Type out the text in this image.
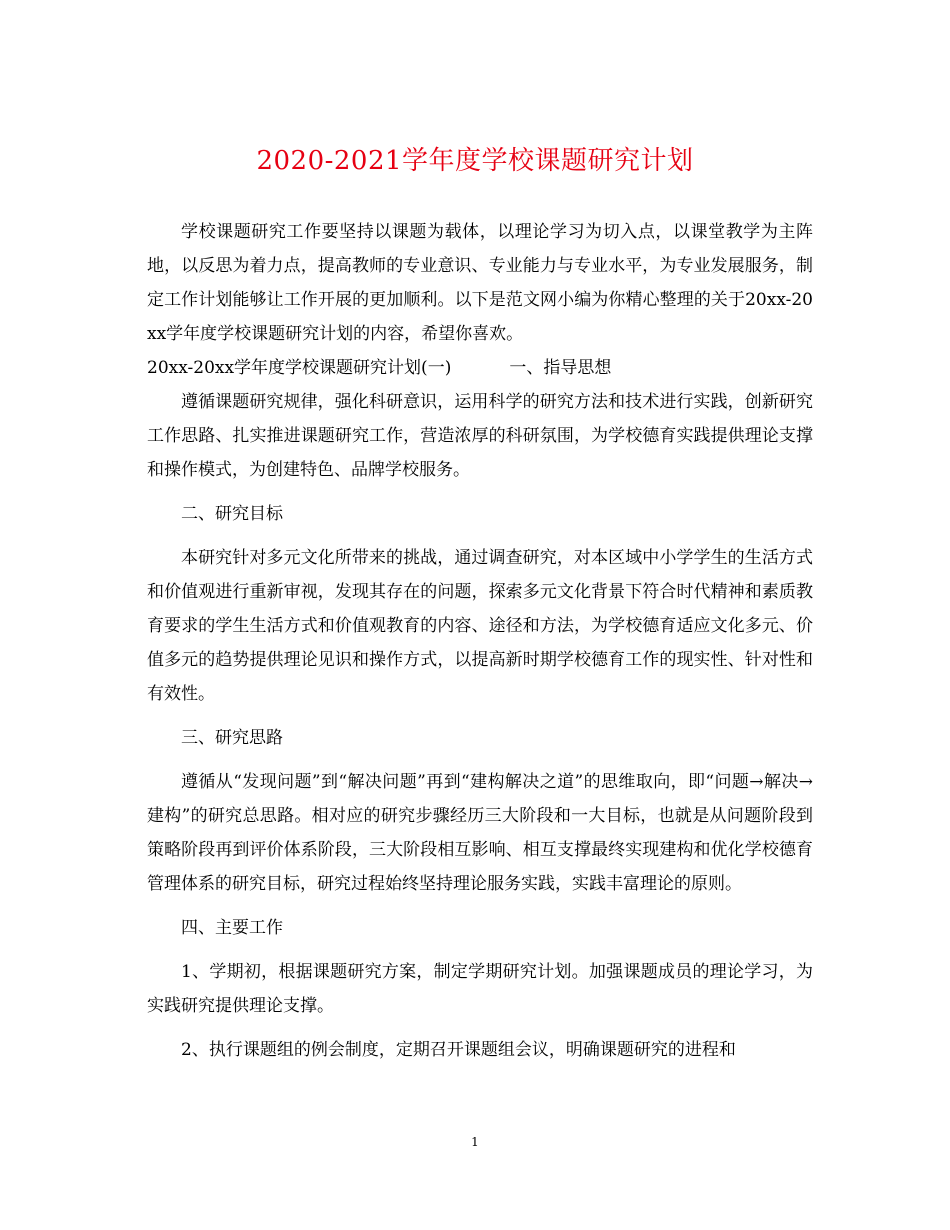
2020-2021学年度学校课题研究计划

学校课题研究工作要坚持以课题为载体，以理论学习为切入点，以课堂教学为主阵地，以反思为着力点，提高教师的专业意识、专业能力与专业水平，为专业发展服务，制定工作计划能够让工作开展的更加顺利。以下是范文网小编为你精心整理的关于20xx-20xx学年度学校课题研究计划的内容，希望你喜欢。

20xx-20xx学年度学校课题研究计划(一)	一、指导思想

遵循课题研究规律，强化科研意识，运用科学的研究方法和技术进行实践，创新研究工作思路、扎实推进课题研究工作，营造浓厚的科研氛围，为学校德育实践提供理论支撑和操作模式，为创建特色、品牌学校服务。

二、研究目标

本研究针对多元文化所带来的挑战，通过调查研究，对本区域中小学学生的生活方式和价值观进行重新审视，发现其存在的问题，探索多元文化背景下符合时代精神和素质教育要求的学生生活方式和价值观教育的内容、途径和方法，为学校德育适应文化多元、价值多元的趋势提供理论见识和操作方式，以提高新时期学校德育工作的现实性、针对性和有效性。

三、研究思路

遵循从“发现问题”到“解决问题”再到“建构解决之道”的思维取向，即“问题→解决→建构”的研究总思路。相对应的研究步骤经历三大阶段和一大目标，也就是从问题阶段到策略阶段再到评价体系阶段，三大阶段相互影响、相互支撑最终实现建构和优化学校德育管理体系的研究目标，研究过程始终坚持理论服务实践，实践丰富理论的原则。

四、主要工作

1、学期初，根据课题研究方案，制定学期研究计划。加强课题成员的理论学习，为实践研究提供理论支撑。

2、执行课题组的例会制度，定期召开课题组会议，明确课题研究的进程和

1
